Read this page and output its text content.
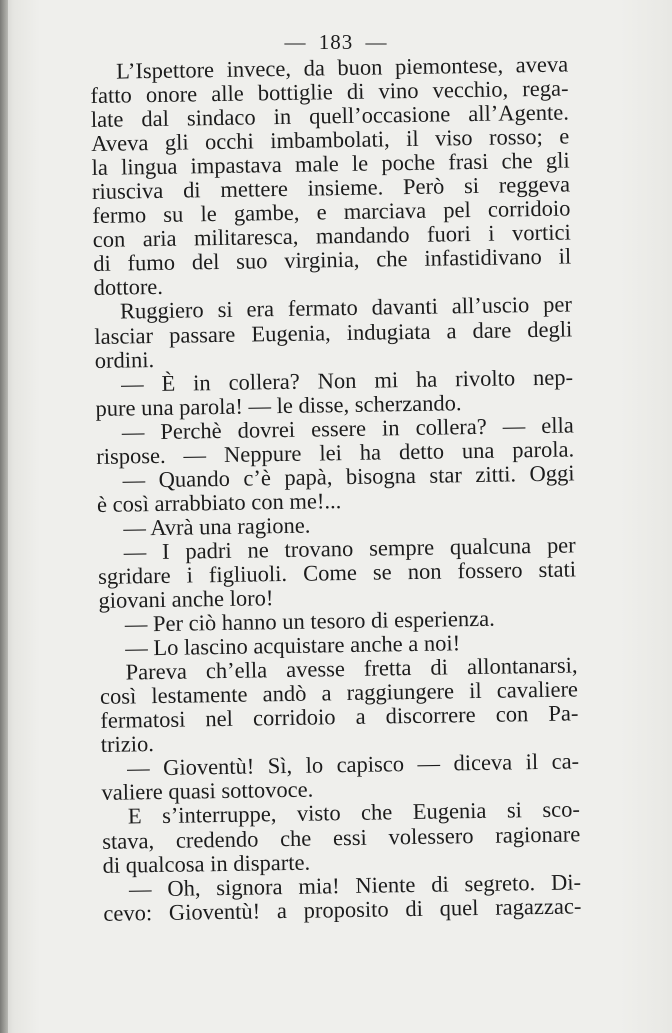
— 183 —
L’Ispettore invece, da buon piemontese, aveva
fatto onore alle bottiglie di vino vecchio, rega-
late dal sindaco in quell’occasione all’Agente.
Aveva gli occhi imbambolati, il viso rosso; e
la lingua impastava male le poche frasi che gli
riusciva di mettere insieme. Però si reggeva
fermo su le gambe, e marciava pel corridoio
con aria militaresca, mandando fuori i vortici
di fumo del suo virginia, che infastidivano il
dottore.
Ruggiero si era fermato davanti all’uscio per
lasciar passare Eugenia, indugiata a dare degli
ordini.
— È in collera? Non mi ha rivolto nep-
pure una parola! — le disse, scherzando.
— Perchè dovrei essere in collera? — ella
rispose. — Neppure lei ha detto una parola.
— Quando c’è papà, bisogna star zitti. Oggi
è così arrabbiato con me!...
— Avrà una ragione.
— I padri ne trovano sempre qualcuna per
sgridare i figliuoli. Come se non fossero stati
giovani anche loro!
— Per ciò hanno un tesoro di esperienza.
— Lo lascino acquistare anche a noi!
Pareva ch’ella avesse fretta di allontanarsi,
così lestamente andò a raggiungere il cavaliere
fermatosi nel corridoio a discorrere con Pa-
trizio.
— Gioventù! Sì, lo capisco — diceva il ca-
valiere quasi sottovoce.
E s’interruppe, visto che Eugenia si sco-
stava, credendo che essi volessero ragionare
di qualcosa in disparte.
— Oh, signora mia! Niente di segreto. Di-
cevo: Gioventù! a proposito di quel ragazzac-
